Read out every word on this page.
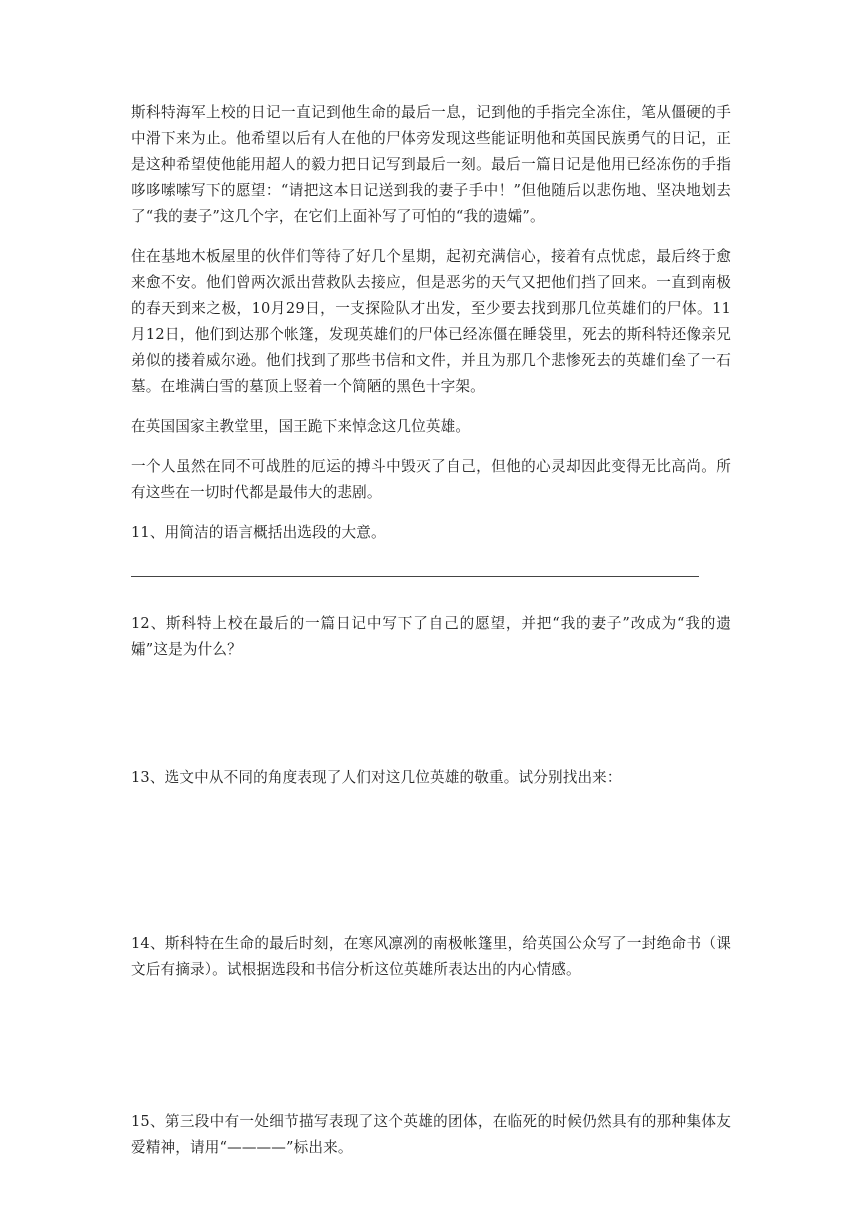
斯科特海军上校的日记一直记到他生命的最后一息，记到他的手指完全冻住，笔从僵硬的手中滑下来为止。他希望以后有人在他的尸体旁发现这些能证明他和英国民族勇气的日记，正是这种希望使他能用超人的毅力把日记写到最后一刻。最后一篇日记是他用已经冻伤的手指哆哆嗦嗦写下的愿望：“请把这本日记送到我的妻子手中！”但他随后以悲伤地、坚决地划去了“我的妻子”这几个字，在它们上面补写了可怕的“我的遗孀”。

住在基地木板屋里的伙伴们等待了好几个星期，起初充满信心，接着有点忧虑，最后终于愈来愈不安。他们曾两次派出营救队去接应，但是恶劣的天气又把他们挡了回来。一直到南极的春天到来之极，10月29日，一支探险队才出发，至少要去找到那几位英雄们的尸体。11月12日，他们到达那个帐篷，发现英雄们的尸体已经冻僵在睡袋里，死去的斯科特还像亲兄弟似的搂着威尔逊。他们找到了那些书信和文件，并且为那几个悲惨死去的英雄们垒了一石墓。在堆满白雪的墓顶上竖着一个简陋的黑色十字架。

在英国国家主教堂里，国王跪下来悼念这几位英雄。

一个人虽然在同不可战胜的厄运的搏斗中毁灭了自己，但他的心灵却因此变得无比高尚。所有这些在一切时代都是最伟大的悲剧。

11、用简洁的语言概括出选段的大意。

12、斯科特上校在最后的一篇日记中写下了自己的愿望，并把“我的妻子”改成为“我的遗孀”这是为什么？

13、选文中从不同的角度表现了人们对这几位英雄的敬重。试分别找出来：

14、斯科特在生命的最后时刻，在寒风凛冽的南极帐篷里，给英国公众写了一封绝命书（课文后有摘录）。试根据选段和书信分析这位英雄所表达出的内心情感。

15、第三段中有一处细节描写表现了这个英雄的团体，在临死的时候仍然具有的那种集体友爱精神，请用“————”标出来。
